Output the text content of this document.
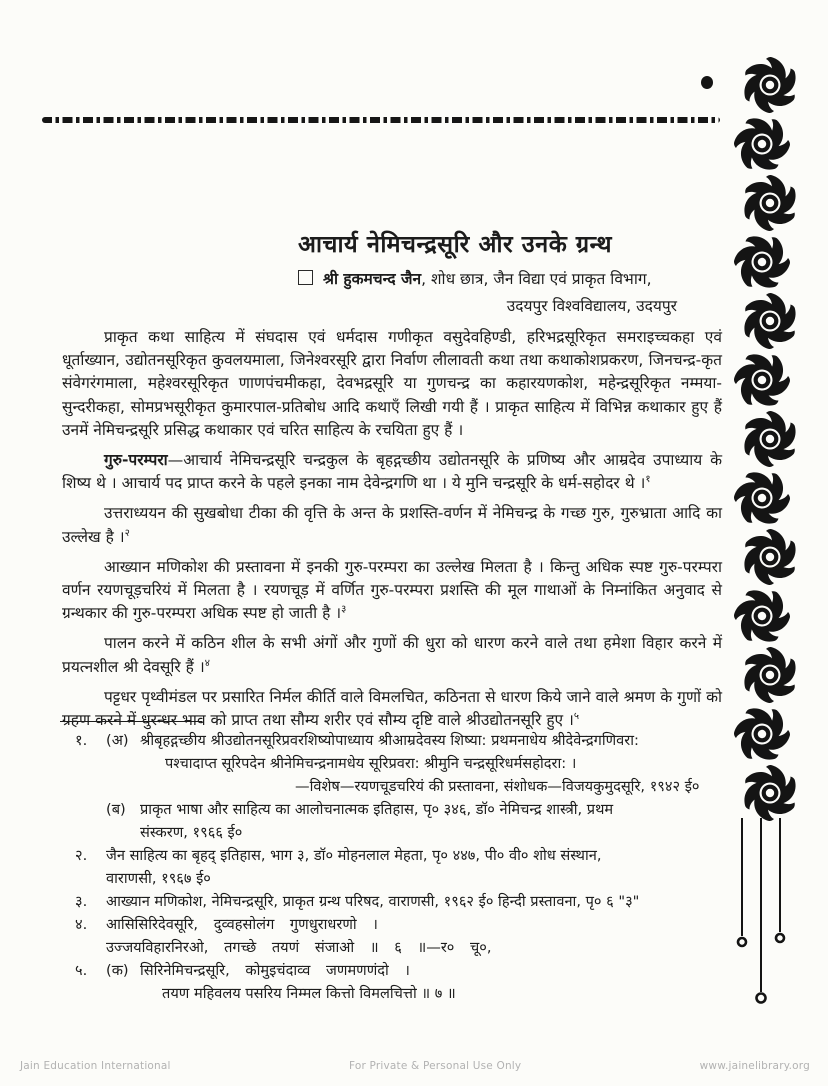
आचार्य नेमिचन्द्रसूरि और उनके ग्रन्थ
श्री हुकमचन्द जैन, शोध छात्र, जैन विद्या एवं प्राकृत विभाग,
उदयपुर विश्वविद्यालय, उदयपुर

प्राकृत कथा साहित्य में संघदास एवं धर्मदास गणीकृत वसुदेवहिण्डी, हरिभद्रसूरिकृत समराइच्चकहा एवं धूर्ताख्यान, उद्योतनसूरिकृत कुवलयमाला, जिनेश्वरसूरि द्वारा निर्वाण लीलावती कथा तथा कथाकोशप्रकरण, जिनचन्द्र-कृत संवेगरंगमाला, महेश्वरसूरिकृत णाणपंचमीकहा, देवभद्रसूरि या गुणचन्द्र का कहारयणकोश, महेन्द्रसूरिकृत नम्मया-सुन्दरीकहा, सोमप्रभसूरीकृत कुमारपाल-प्रतिबोध आदि कथाएँ लिखी गयी हैं । प्राकृत साहित्य में विभिन्न कथाकार हुए हैं उनमें नेमिचन्द्रसूरि प्रसिद्ध कथाकार एवं चरित साहित्य के रचयिता हुए हैं ।

गुरु-परम्परा—आचार्य नेमिचन्द्रसूरि चन्द्रकुल के बृहद्गच्छीय उद्योतनसूरि के प्रणिष्य और आम्रदेव उपाध्याय के शिष्य थे । आचार्य पद प्राप्त करने के पहले इनका नाम देवेन्द्रगणि था । ये मुनि चन्द्रसूरि के धर्म-सहोदर थे ।$^१$

उत्तराध्ययन की सुखबोधा टीका की वृत्ति के अन्त के प्रशस्ति-वर्णन में नेमिचन्द्र के गच्छ गुरु, गुरुभ्राता आदि का उल्लेख है ।$^२$

आख्यान मणिकोश की प्रस्तावना में इनकी गुरु-परम्परा का उल्लेख मिलता है । किन्तु अधिक स्पष्ट गुरु-परम्परा वर्णन रयणचूड़चरियं में मिलता है । रयणचूड़ में वर्णित गुरु-परम्परा प्रशस्ति की मूल गाथाओं के निम्नांकित अनुवाद से ग्रन्थकार की गुरु-परम्परा अधिक स्पष्ट हो जाती है ।$^३$

पालन करने में कठिन शील के सभी अंगों और गुणों की धुरा को धारण करने वाले तथा हमेशा विहार करने में प्रयत्नशील श्री देवसूरि हैं ।$^४$

पट्टधर पृथ्वीमंडल पर प्रसारित निर्मल कीर्ति वाले विमलचित, कठिनता से धारण किये जाने वाले श्रमण के गुणों को ग्रहण करने में धुरन्धर भाव को प्राप्त तथा सौम्य शरीर एवं सौम्य दृष्टि वाले श्रीउद्योतनसूरि हुए ।$^५$

१. (अ) श्रीबृहद्गच्छीय श्रीउद्योतनसूरिप्रवरशिष्योपाध्याय श्रीआम्रदेवस्य शिष्या: प्रथमनाधेय श्रीदेवेन्द्रगणिवरा:
पश्चादाप्त सूरिपदेन श्रीनेमिचन्द्रनामधेय सूरिप्रवरा: श्रीमुनि चन्द्रसूरिधर्मसहोदरा: ।
—विशेष—रयणचूडचरियं की प्रस्तावना, संशोधक—विजयकुमुदसूरि, १९४२ ई०
(ब) प्राकृत भाषा और साहित्य का आलोचनात्मक इतिहास, पृ० ३४६, डॉ० नेमिचन्द्र शास्त्री, प्रथम
संस्करण, १९६६ ई०
२. जैन साहित्य का बृहद् इतिहास, भाग ३, डॉ० मोहनलाल मेहता, पृ० ४४७, पी० वी० शोध संस्थान,
वाराणसी, १९६७ ई०
३. आख्यान मणिकोश, नेमिचन्द्रसूरि, प्राकृत ग्रन्थ परिषद, वाराणसी, १९६२ ई० हिन्दी प्रस्तावना, पृ० ६ "३"
४. आसिसिरिदेवसूरि, दुव्वहसोलंग गुणधुराधरणो ।
उज्जयविहारनिरओ, तगच्छे तयणं संजाओ ॥ ६ ॥—र० चू०,
५. (क) सिरिनेमिचन्द्रसूरि, कोमुइचंदाव्व जणमणणंदो ।
तयण महिवलय पसरिय निम्मल कित्तो विमलचित्तो ॥ ७ ॥
Jain Education International	For Private & Personal Use Only	www.jainelibrary.org
